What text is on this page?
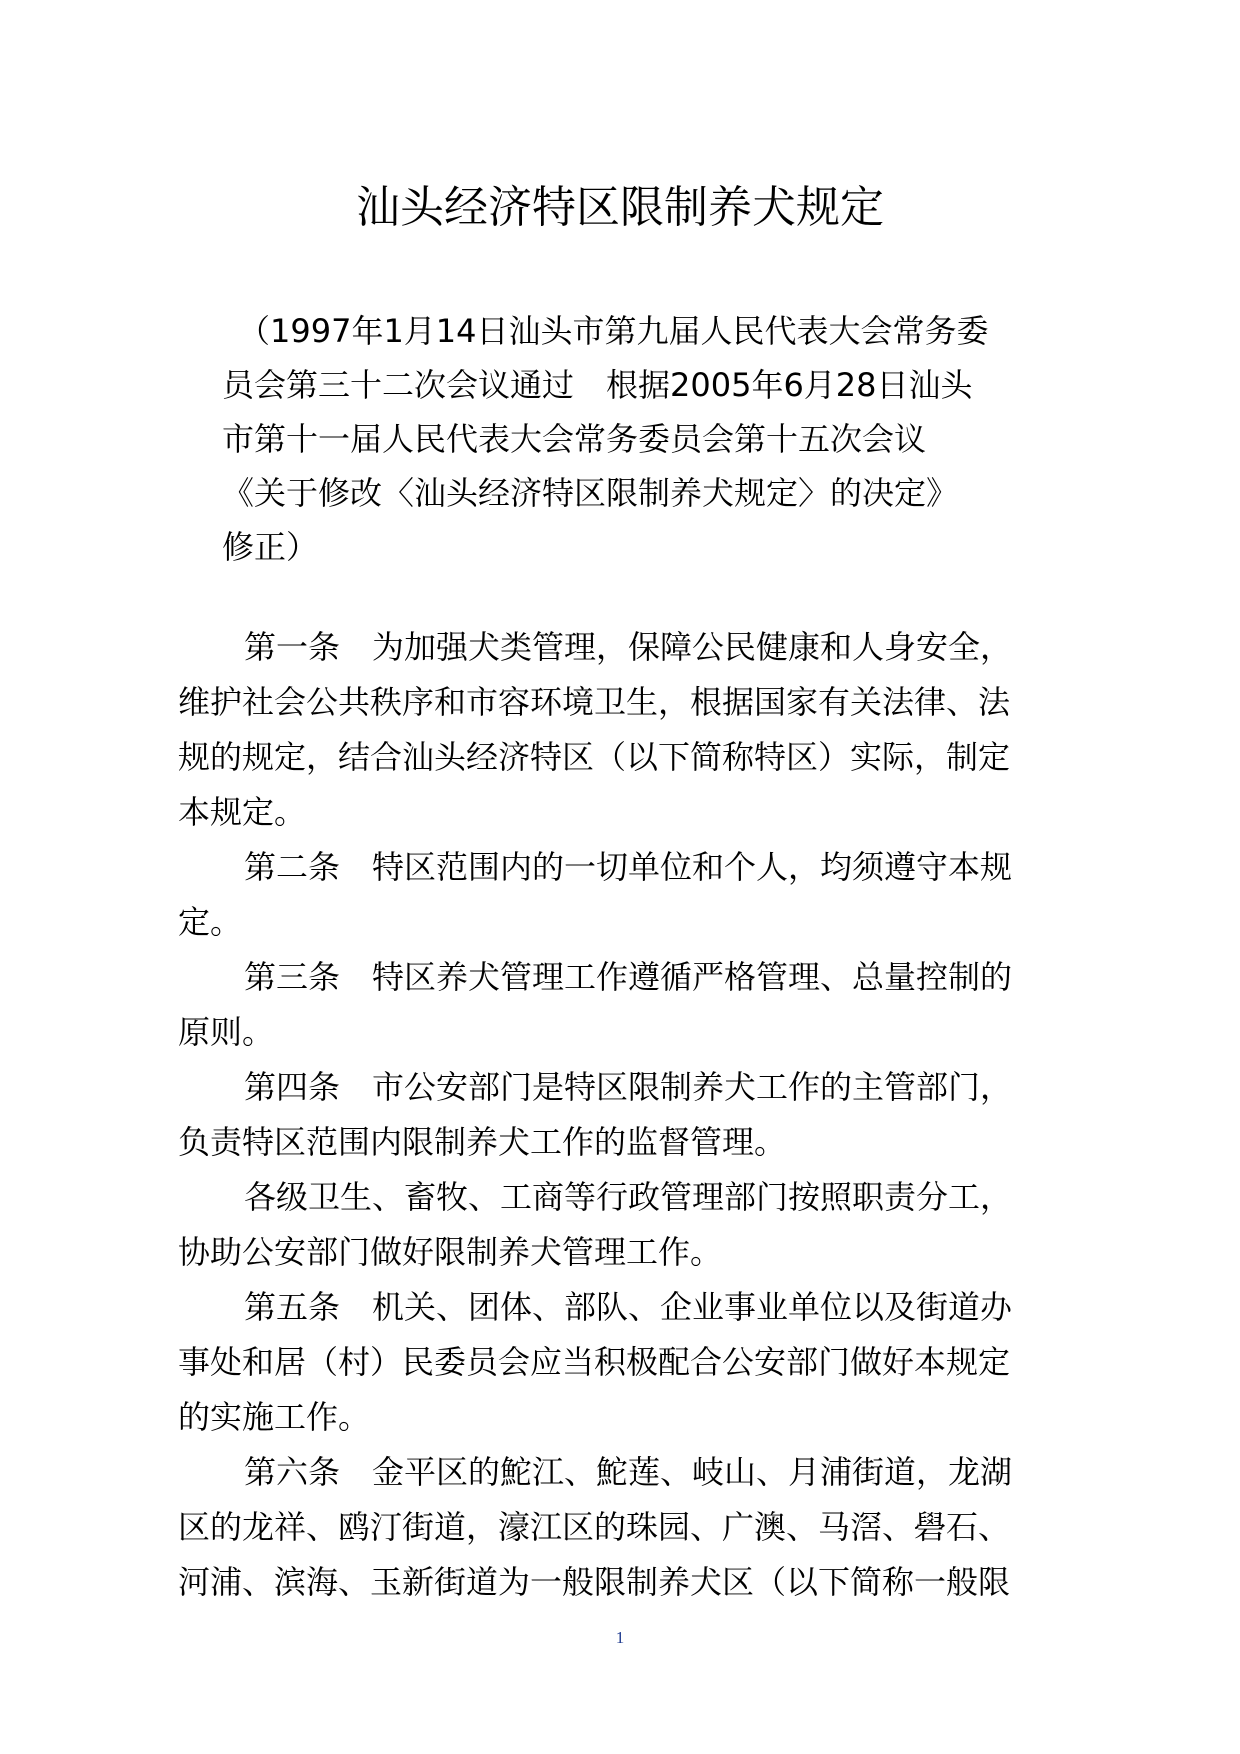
汕头经济特区限制养犬规定
（1997年1月14日汕头市第九届人民代表大会常务委
员会第三十二次会议通过　根据2005年6月28日汕头
市第十一届人民代表大会常务委员会第十五次会议
《关于修改〈汕头经济特区限制养犬规定〉的决定》
修正）
第一条　为加强犬类管理，保障公民健康和人身安全，
维护社会公共秩序和市容环境卫生，根据国家有关法律、法
规的规定，结合汕头经济特区（以下简称特区）实际，制定
本规定。
第二条　特区范围内的一切单位和个人，均须遵守本规
定。
第三条　特区养犬管理工作遵循严格管理、总量控制的
原则。
第四条　市公安部门是特区限制养犬工作的主管部门，
负责特区范围内限制养犬工作的监督管理。
各级卫生、畜牧、工商等行政管理部门按照职责分工，
协助公安部门做好限制养犬管理工作。
第五条　机关、团体、部队、企业事业单位以及街道办
事处和居（村）民委员会应当积极配合公安部门做好本规定
的实施工作。
第六条　金平区的鮀江、鮀莲、岐山、月浦街道，龙湖
区的龙祥、鸥汀街道，濠江区的珠园、广澳、马滘、礐石、
河浦、滨海、玉新街道为一般限制养犬区（以下简称一般限
1
